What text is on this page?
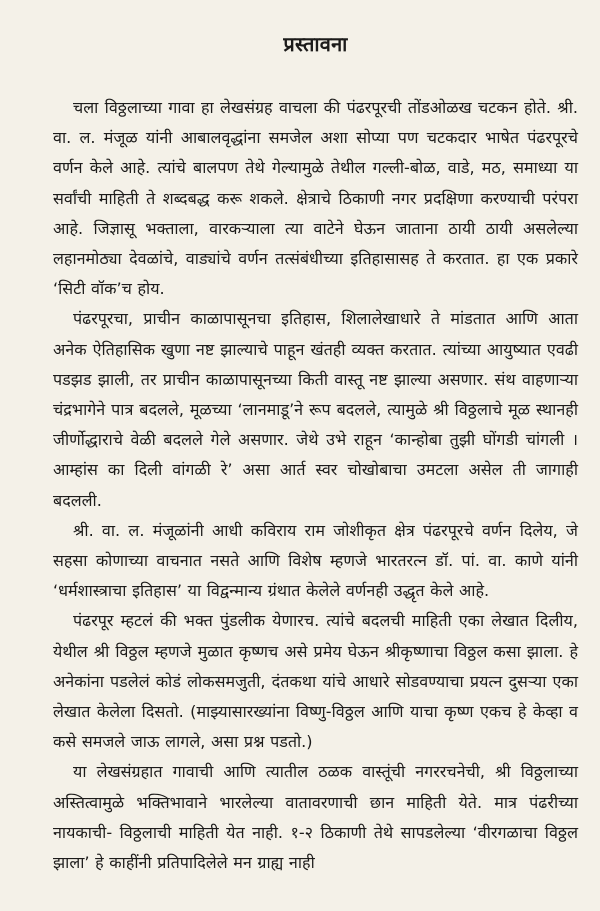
प्रस्तावना
चला विठ्ठलाच्या गावा हा लेखसंग्रह वाचला की पंढरपूरची तोंडओळख चटकन होते. श्री. वा. ल. मंजूळ यांनी आबालवृद्धांना समजेल अशा सोप्या पण चटकदार भाषेत पंढरपूरचे वर्णन केले आहे. त्यांचे बालपण तेथे गेल्यामुळे तेथील गल्ली-बोळ, वाडे, मठ, समाध्या या सर्वांची माहिती ते शब्दबद्ध करू शकले. क्षेत्राचे ठिकाणी नगर प्रदक्षिणा करण्याची परंपरा आहे. जिज्ञासू भक्ताला, वारकऱ्याला त्या वाटेने घेऊन जाताना ठायी ठायी असलेल्या लहानमोठ्या देवळांचे, वाड्यांचे वर्णन तत्संबंधीच्या इतिहासासह ते करतात. हा एक प्रकारे ‘सिटी वॉक’च होय.
पंढरपूरचा, प्राचीन काळापासूनचा इतिहास, शिलालेखाधारे ते मांडतात आणि आता अनेक ऐतिहासिक खुणा नष्ट झाल्याचे पाहून खंतही व्यक्त करतात. त्यांच्या आयुष्यात एवढी पडझड झाली, तर प्राचीन काळापासूनच्या किती वास्तू नष्ट झाल्या असणार. संथ वाहणाऱ्या चंद्रभागेने पात्र बदलले, मूळच्या ‘लानमाडू’ने रूप बदलले, त्यामुळे श्री विठ्ठलाचे मूळ स्थानही जीर्णोद्धाराचे वेळी बदलले गेले असणार. जेथे उभे राहून ‘कान्होबा तुझी घोंगडी चांगली । आम्हांस का दिली वांगळी रे’ असा आर्त स्वर चोखोबाचा उमटला असेल ती जागाही बदलली.
श्री. वा. ल. मंजूळांनी आधी कविराय राम जोशीकृत क्षेत्र पंढरपूरचे वर्णन दिलेय, जे सहसा कोणाच्या वाचनात नसते आणि विशेष म्हणजे भारतरत्न डॉ. पां. वा. काणे यांनी ‘धर्मशास्त्राचा इतिहास’ या विद्वन्मान्य ग्रंथात केलेले वर्णनही उद्धृत केले आहे.
पंढरपूर म्हटलं की भक्त पुंडलीक येणारच. त्यांचे बदलची माहिती एका लेखात दिलीय, येथील श्री विठ्ठल म्हणजे मुळात कृष्णच असे प्रमेय घेऊन श्रीकृष्णाचा विठ्ठल कसा झाला. हे अनेकांना पडलेलं कोडं लोकसमजुती, दंतकथा यांचे आधारे सोडवण्याचा प्रयत्न दुसऱ्या एका लेखात केलेला दिसतो. (माझ्यासारख्यांना विष्णु-विठ्ठल आणि याचा कृष्ण एकच हे केव्हा व कसे समजले जाऊ लागले, असा प्रश्न पडतो.)
या लेखसंग्रहात गावाची आणि त्यातील ठळक वास्तूंची नगररचनेची, श्री विठ्ठलाच्या अस्तित्वामुळे भक्तिभावाने भारलेल्या वातावरणाची छान माहिती येते. मात्र पंढरीच्या नायकाची- विठ्ठलाची माहिती येत नाही. १-२ ठिकाणी तेथे सापडलेल्या ‘वीरगळाचा विठ्ठल झाला’ हे काहींनी प्रतिपादिलेले मन ग्राह्य नाही
